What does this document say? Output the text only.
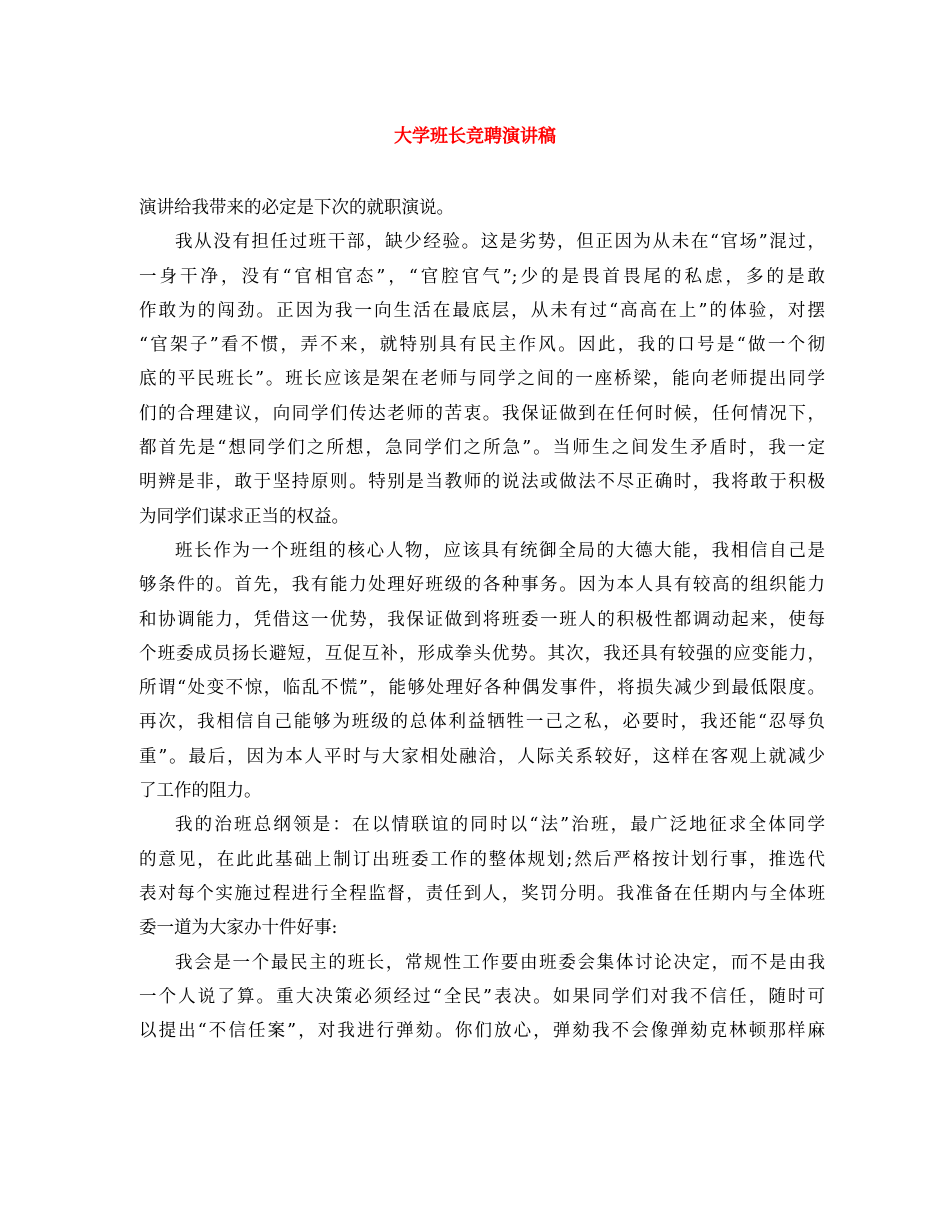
大学班长竞聘演讲稿
演讲给我带来的必定是下次的就职演说。
我从没有担任过班干部，缺少经验。这是劣势，但正因为从未在“官场”混过，
一身干净，没有“官相官态”，“官腔官气”;少的是畏首畏尾的私虑，多的是敢
作敢为的闯劲。正因为我一向生活在最底层，从未有过“高高在上”的体验，对摆
“官架子”看不惯，弄不来，就特别具有民主作风。因此，我的口号是“做一个彻
底的平民班长”。班长应该是架在老师与同学之间的一座桥梁，能向老师提出同学
们的合理建议，向同学们传达老师的苦衷。我保证做到在任何时候，任何情况下，
都首先是“想同学们之所想，急同学们之所急”。当师生之间发生矛盾时，我一定
明辨是非，敢于坚持原则。特别是当教师的说法或做法不尽正确时，我将敢于积极
为同学们谋求正当的权益。
班长作为一个班组的核心人物，应该具有统御全局的大德大能，我相信自己是
够条件的。首先，我有能力处理好班级的各种事务。因为本人具有较高的组织能力
和协调能力，凭借这一优势，我保证做到将班委一班人的积极性都调动起来，使每
个班委成员扬长避短，互促互补，形成拳头优势。其次，我还具有较强的应变能力，
所谓“处变不惊，临乱不慌”，能够处理好各种偶发事件，将损失减少到最低限度。
再次，我相信自己能够为班级的总体利益牺牲一己之私，必要时，我还能“忍辱负
重”。最后，因为本人平时与大家相处融洽，人际关系较好，这样在客观上就减少
了工作的阻力。
我的治班总纲领是：在以情联谊的同时以“法”治班，最广泛地征求全体同学
的意见，在此此基础上制订出班委工作的整体规划;然后严格按计划行事，推选代
表对每个实施过程进行全程监督，责任到人，奖罚分明。我准备在任期内与全体班
委一道为大家办十件好事:
我会是一个最民主的班长，常规性工作要由班委会集体讨论决定，而不是由我
一个人说了算。重大决策必须经过“全民”表决。如果同学们对我不信任，随时可
以提出“不信任案”，对我进行弹劾。你们放心，弹劾我不会像弹劾克林顿那样麻
